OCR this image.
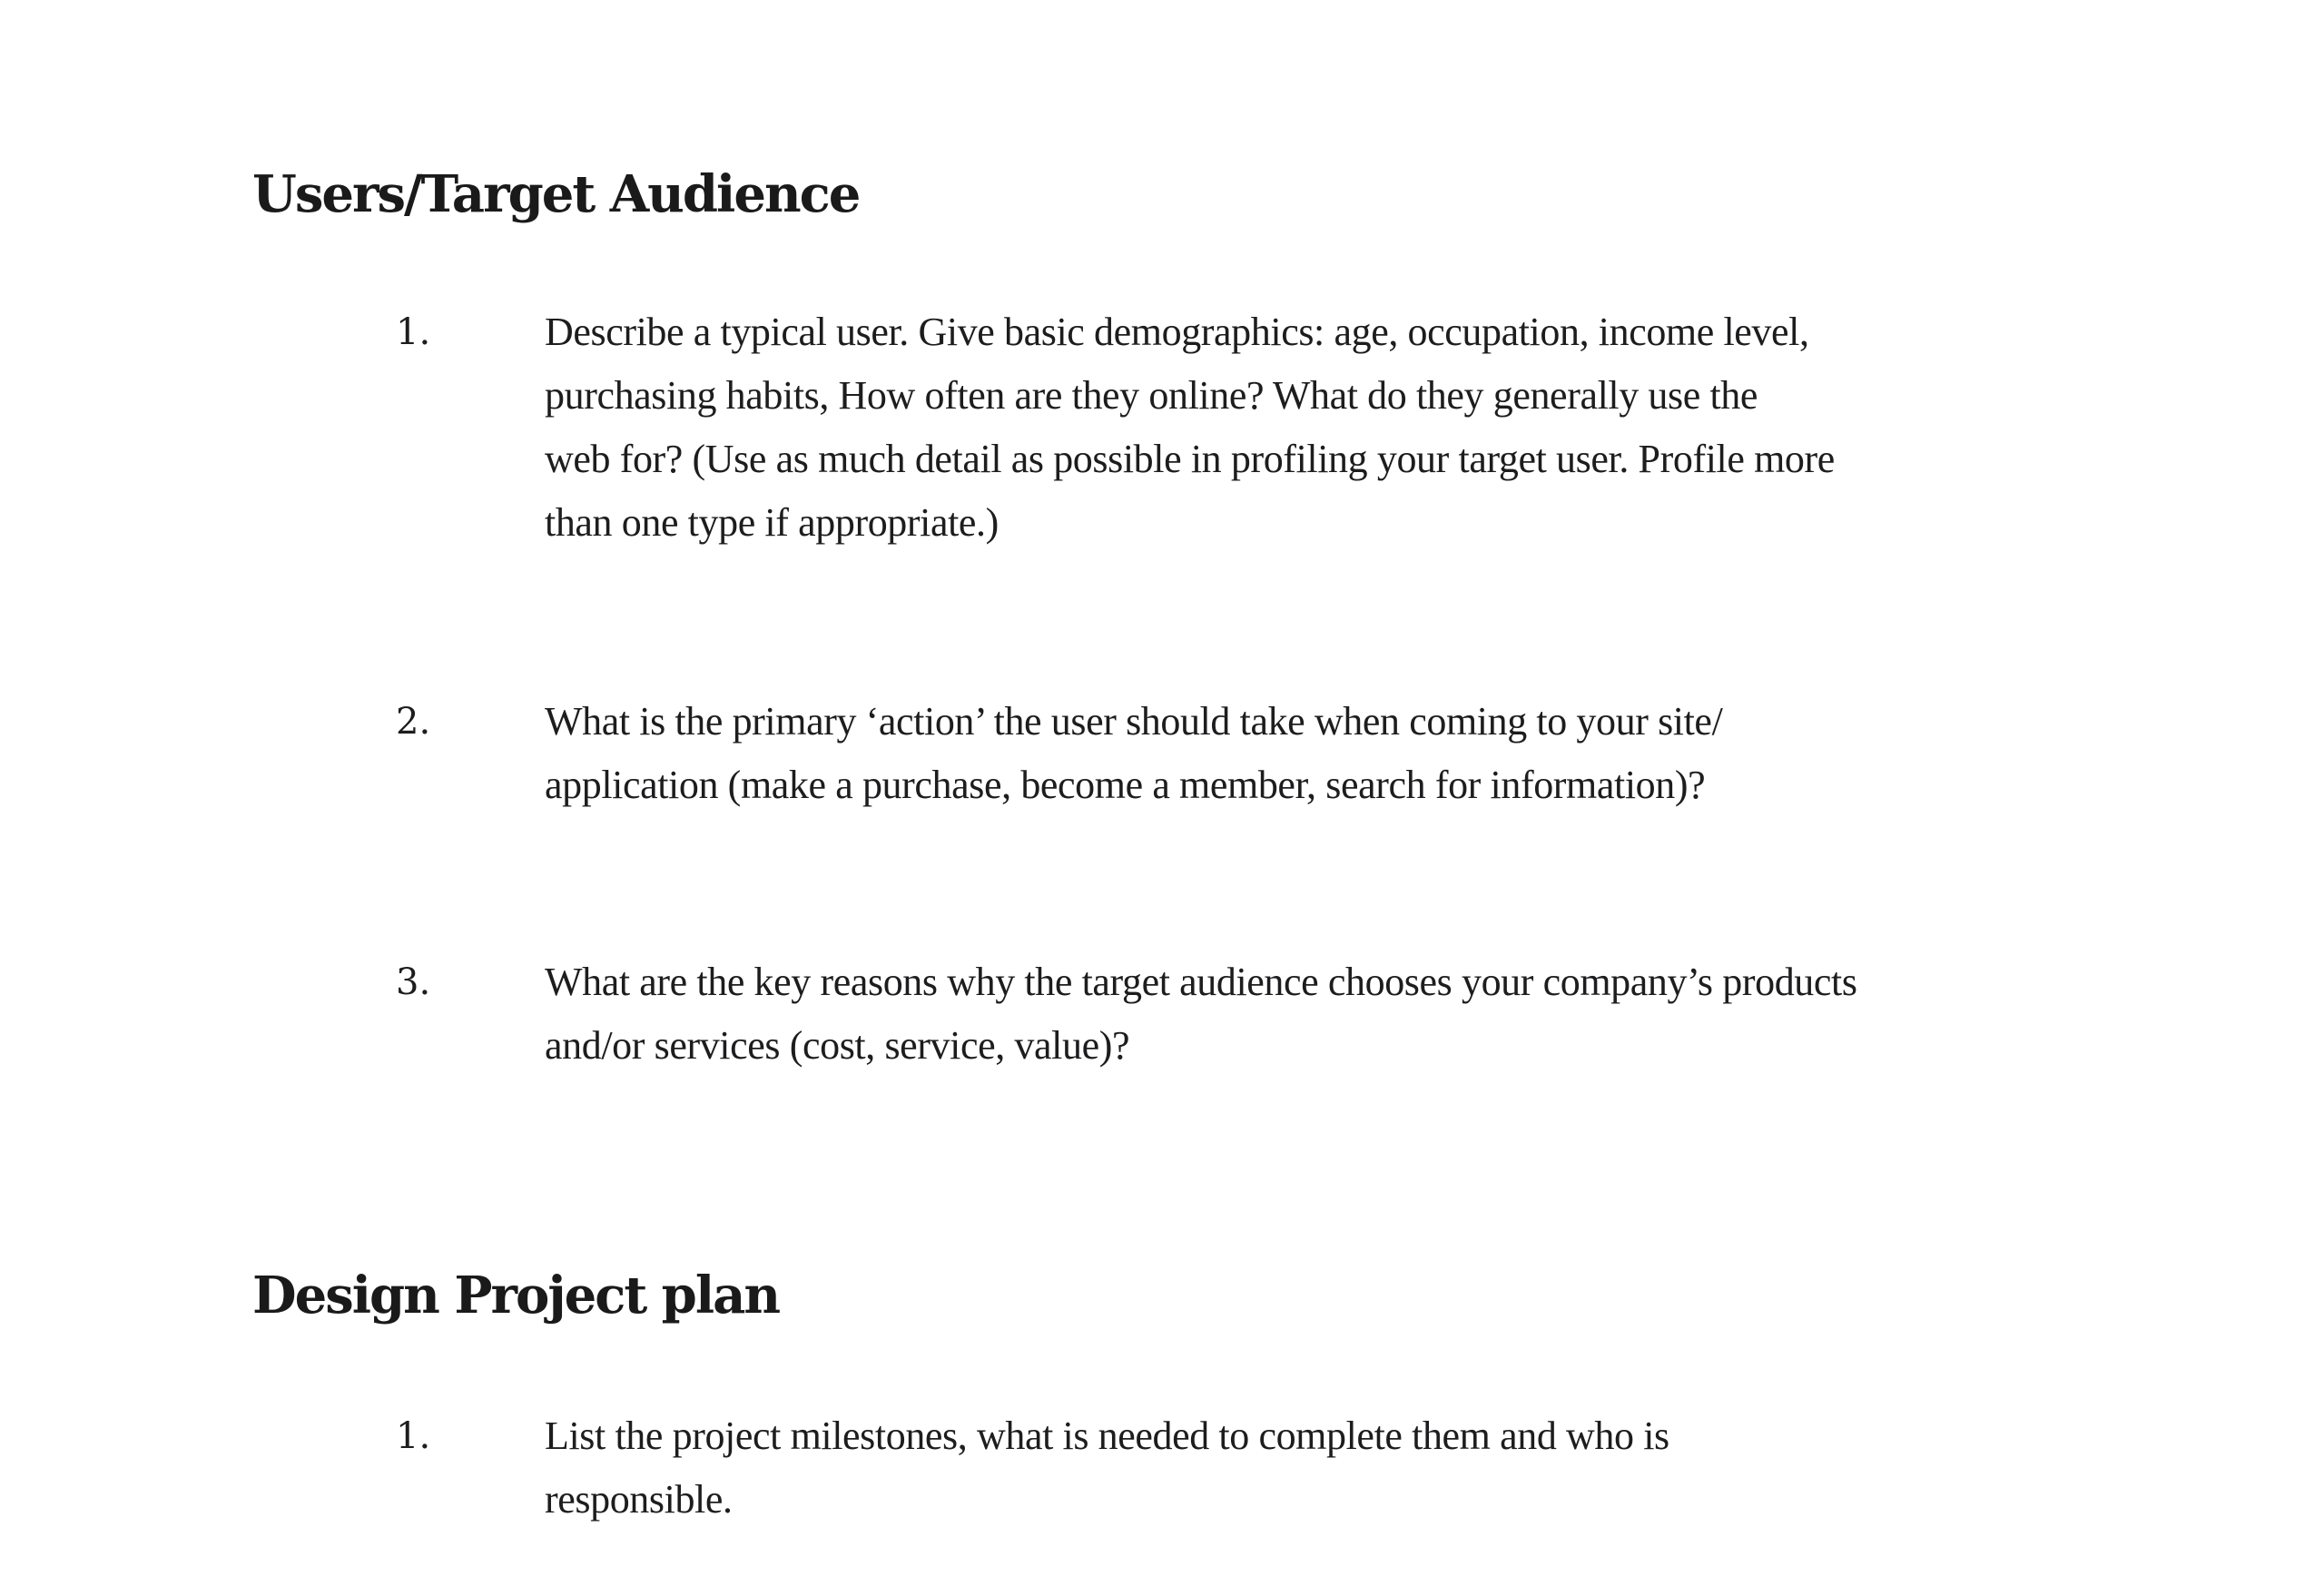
Users/Target Audience
1.	Describe a typical user. Give basic demographics: age, occupation, income level,
purchasing habits, How often are they online? What do they generally use the
web for? (Use as much detail as possible in profiling your target user. Profile more
than one type if appropriate.)

2.	What is the primary ‘action’ the user should take when coming to your site/
application (make a purchase, become a member, search for information)?

3.	What are the key reasons why the target audience chooses your company’s products
and/or services (cost, service, value)?

Design Project plan
1.	List the project milestones, what is needed to complete them and who is
responsible.
